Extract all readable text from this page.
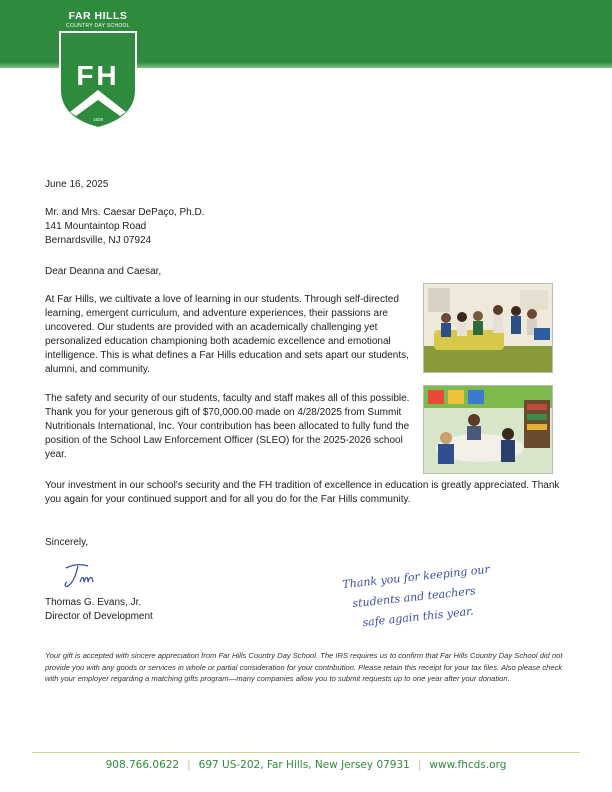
FAR HILLS
COUNTRY DAY SCHOOL
FH
1929
IN VIRTUTE MULTI ASCENSUS
June 16, 2025
Mr. and Mrs. Caesar DePaço, Ph.D.
141 Mountaintop Road
Bernardsville, NJ 07924
Dear Deanna and Caesar,
At Far Hills, we cultivate a love of learning in our students. Through self-directed learning, emergent curriculum, and adventure experiences, their passions are uncovered. Our students are provided with an academically challenging yet personalized education championing both academic excellence and emotional intelligence. This is what defines a Far Hills education and sets apart our students, alumni, and community.
The safety and security of our students, faculty and staff makes all of this possible. Thank you for your generous gift of $70,000.00 made on 4/28/2025 from Summit Nutritionals International, Inc. Your contribution has been allocated to fully fund the position of the School Law Enforcement Officer (SLEO) for the 2025-2026 school year.
Your investment in our school's security and the FH tradition of excellence in education is greatly appreciated. Thank you again for your continued support and for all you do for the Far Hills community.
Sincerely,
Thomas G. Evans, Jr.
Director of Development
Thank you for keeping our
students and teachers
safe again this year.
Your gift is accepted with sincere appreciation from Far Hills Country Day School. The IRS requires us to confirm that Far Hills Country Day School did not provide you with any goods or services in whole or partial consideration for your contribution. Please retain this receipt for your tax files. Also please check with your employer regarding a matching gifts program—many companies allow you to submit requests up to one year after your donation.
908.766.0622 | 697 US-202, Far Hills, New Jersey 07931 | www.fhcds.org
